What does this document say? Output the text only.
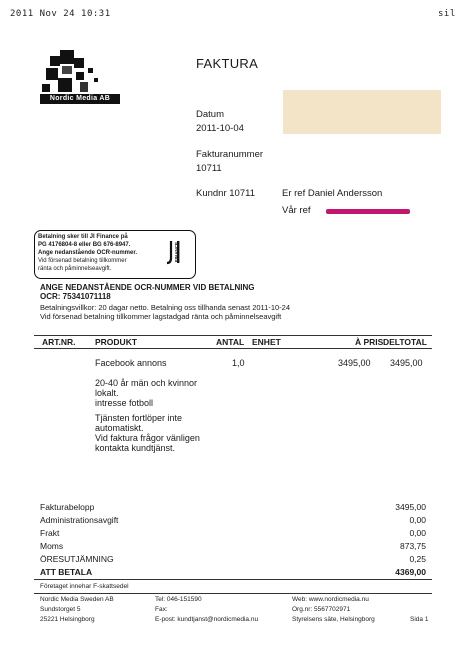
2011 Nov 24 10:31	sil
Nordic Media AB
FAKTURA
Datum
2011-10-04
Fakturanummer
10711
Kundnr 10711	Er ref Daniel Andersson
Vår ref
Betalning sker till JI Finance på
PG 4176804-8 eller BG 676-8947.
Ange nedanstående OCR-nummer.
Vid försenad betalning tillkommer
ränta och påminnelseavgift.
FINANCE
ANGE NEDANSTÅENDE OCR-NUMMER VID BETALNING
OCR: 75341071118
Betalningsvillkor: 20 dagar netto. Betalning oss tillhanda senast 2011-10-24
Vid försenad betalning tillkommer lagstadgad ränta och påminnelseavgift
ART.NR. PRODUKT	ANTAL ENHET	À PRIS DELTOTAL
Facebook annons	1,0	3495,00 3495,00
20-40 år män och kvinnor
lokalt.
intresse fotboll
Tjänsten fortlöper inte
automatiskt.
Vid faktura frågor vänligen
kontakta kundtjänst.
Fakturabelopp	3495,00
Administrationsavgift	0,00
Frakt	0,00
Moms	873,75
ÖRESUTJÄMNING	0,25
ATT BETALA	4369,00
Företaget innehar F-skattsedel
Nordic Media Sweden AB
Sundstorget 5
25221 Helsingborg
Tel: 046-151590
Fax:
E-post: kundtjanst@nordicmedia.nu
Web: www.nordicmedia.nu
Org.nr: 5567702971
Styrelsens säte, Helsingborg	Sida 1
